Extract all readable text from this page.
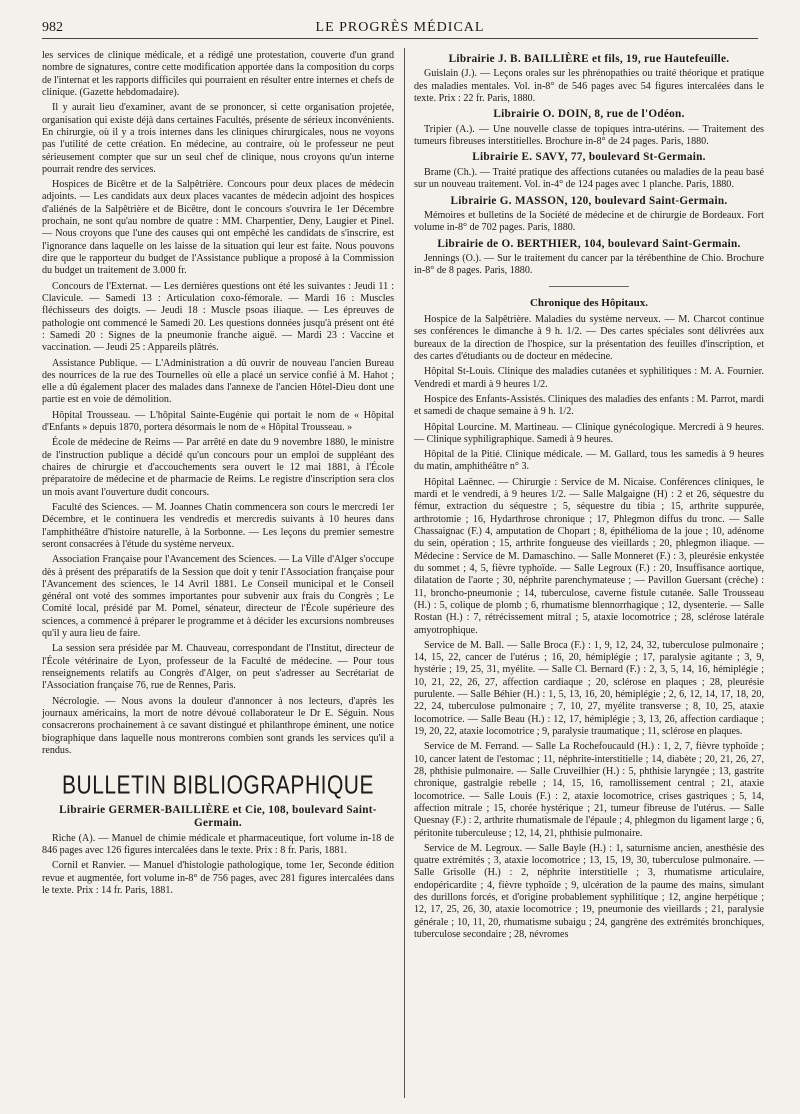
982	LE PROGRÈS MÉDICAL

les services de clinique médicale, et a rédigé une protestation, couverte d'un grand nombre de signatures, contre cette modification apportée dans la composition du corps de l'internat et les rapports difficiles qui pourraient en résulter entre internes et chefs de clinique. (Gazette hebdomadaire).

Il y aurait lieu d'examiner, avant de se prononcer, si cette organisation projetée, organisation qui existe déjà dans certaines Facultés, présente de sérieux inconvénients. En chirurgie, où il y a trois internes dans les cliniques chirurgicales, nous ne voyons pas l'utilité de cette création. En médecine, au contraire, où le professeur ne peut sérieusement compter que sur un seul chef de clinique, nous croyons qu'un interne pourrait rendre des services.

Hospices de Bicêtre et de la Salpêtrière. Concours pour deux places de médecin adjoints. — Les candidats aux deux places vacantes de médecin adjoint des hospices d'aliénés de la Salpêtrière et de Bicêtre, dont le concours s'ouvrira le 1er Décembre prochain, ne sont qu'au nombre de quatre : MM. Charpentier, Deny, Laugier et Pinel. — Nous croyons que l'une des causes qui ont empêché les candidats de s'inscrire, est l'ignorance dans laquelle on les laisse de la situation qui leur est faite. Nous pouvons dire que le rapporteur du budget de l'Assistance publique a proposé à la Commission du budget un traitement de 3.000 fr.

Concours de l'Externat. — Les dernières questions ont été les suivantes : Jeudi 11 : Clavicule. — Samedi 13 : Articulation coxo-fémorale. — Mardi 16 : Muscles fléchisseurs des doigts. — Jeudi 18 : Muscle psoas iliaque. — Les épreuves de pathologie ont commencé le Samedi 20. Les questions données jusqu'à présent ont été : Samedi 20 : Signes de la pneumonie franche aiguë. — Mardi 23 : Vaccine et vaccination. — Jeudi 25 : Appareils plâtrés.

Assistance Publique. — L'Administration a dû ouvrir de nouveau l'ancien Bureau des nourrices de la rue des Tournelles où elle a placé un service confié à M. Hahot ; elle a dû également placer des malades dans l'annexe de l'ancien Hôtel-Dieu dont une partie est en voie de démolition.

Hôpital Trousseau. — L'hôpital Sainte-Eugénie qui portait le nom de « Hôpital d'Enfants » depuis 1870, portera désormais le nom de « Hôpital Trousseau. »

École de médecine de Reims — Par arrêté en date du 9 novembre 1880, le ministre de l'instruction publique a décidé qu'un concours pour un emploi de suppléant des chaires de chirurgie et d'accouchements sera ouvert le 12 mai 1881, à l'École préparatoire de médecine et de pharmacie de Reims. Le registre d'inscription sera clos un mois avant l'ouverture dudit concours.

Faculté des Sciences. — M. Joannes Chatin commencera son cours le mercredi 1er Décembre, et le continuera les vendredis et mercredis suivants à 10 heures dans l'amphithéâtre d'histoire naturelle, à la Sorbonne. — Les leçons du premier semestre seront consacrées à l'étude du système nerveux.

Association Française pour l'Avancement des Sciences. — La Ville d'Alger s'occupe dès à présent des préparatifs de la Session que doit y tenir l'Association française pour l'Avancement des sciences, le 14 Avril 1881. Le Conseil municipal et le Conseil général ont voté des sommes importantes pour subvenir aux frais du Congrès ; Le Comité local, présidé par M. Pomel, sénateur, directeur de l'École supérieure des sciences, a commencé à préparer le programme et à décider les excursions nombreuses qu'il y aura lieu de faire.

La session sera présidée par M. Chauveau, correspondant de l'Institut, directeur de l'École vétérinaire de Lyon, professeur de la Faculté de médecine. — Pour tous renseignements relatifs au Congrès d'Alger, on peut s'adresser au Secrétariat de l'Association française 76, rue de Rennes, Paris.

Nécrologie. — Nous avons la douleur d'annoncer à nos lecteurs, d'après les journaux américains, la mort de notre dévoué collaborateur le Dr E. Séguin. Nous consacrerons prochainement à ce savant distingué et philanthrope éminent, une notice biographique dans laquelle nous montrerons combien sont grands les services qu'il a rendus.

BULLETIN BIBLIOGRAPHIQUE
Librairie GERMER-BAILLIÈRE et Cie, 108, boulevard Saint-Germain.

Riche (A). — Manuel de chimie médicale et pharmaceutique, fort volume in-18 de 846 pages avec 126 figures intercalées dans le texte. Prix : 8 fr. Paris, 1881.

Cornil et Ranvier. — Manuel d'histologie pathologique, tome 1er, Seconde édition revue et augmentée, fort volume in-8° de 756 pages, avec 281 figures intercalées dans le texte. Prix : 14 fr. Paris, 1881.

Librairie J. B. BAILLIÈRE et fils, 19, rue Hautefeuille.

Guislain (J.). — Leçons orales sur les phrénopathies ou traité théorique et pratique des maladies mentales. Vol. in-8° de 546 pages avec 54 figures intercalées dans le texte. Prix : 22 fr. Paris, 1880.

Librairie O. DOIN, 8, rue de l'Odéon.

Tripier (A.). — Une nouvelle classe de topiques intra-utérins. — Traitement des tumeurs fibreuses interstitielles. Brochure in-8° de 24 pages. Paris, 1880.

Librairie E. SAVY, 77, boulevard St-Germain.

Brame (Ch.). — Traité pratique des affections cutanées ou maladies de la peau basé sur un nouveau traitement. Vol. in-4° de 124 pages avec 1 planche. Paris, 1880.

Librairie G. MASSON, 120, boulevard Saint-Germain.

Mémoires et bulletins de la Société de médecine et de chirurgie de Bordeaux. Fort volume in-8° de 702 pages. Paris, 1880.

Librairie de O. BERTHIER, 104, boulevard Saint-Germain.

Jennings (O.). — Sur le traitement du cancer par la térébenthine de Chio. Brochure in-8° de 8 pages. Paris, 1880.

Chronique des Hôpitaux.

Hospice de la Salpêtrière. Maladies du système nerveux. — M. Charcot continue ses conférences le dimanche à 9 h. 1/2. — Des cartes spéciales sont délivrées aux bureaux de la direction de l'hospice, sur la présentation des feuilles d'inscription, et des cartes d'étudiants ou de docteur en médecine.

Hôpital St-Louis. Clinique des maladies cutanées et syphilitiques : M. A. Fournier. Vendredi et mardi à 9 heures 1/2.

Hospice des Enfants-Assistés. Cliniques des maladies des enfants : M. Parrot, mardi et samedi de chaque semaine à 9 h. 1/2.

Hôpital Lourcine. M. Martineau. — Clinique gynécologique. Mercredi à 9 heures. — Clinique syphiligraphique. Samedi à 9 heures.

Hôpital de la Pitié. Clinique médicale. — M. Gallard, tous les samedis à 9 heures du matin, amphithéâtre n° 3.

Hôpital Laënnec. — Chirurgie : Service de M. Nicaise. Conférences cliniques, le mardi et le vendredi, à 9 heures 1/2. — Salle Malgaigne (H) : 2 et 26, séquestre du fémur, extraction du séquestre ; 5, séquestre du tibia ; 15, arthrite suppurée, arthrotomie ; 16, Hydarthrose chronique ; 17, Phlegmon diffus du tronc. — Salle Chassaignac (F.) 4, amputation de Chopart ; 8, épithélioma de la joue ; 10, adénome du sein, opération ; 15, arthrite fongueuse des vieillards ; 20, phlegmon iliaque. — Médecine : Service de M. Damaschino. — Salle Monneret (F.) : 3, pleurésie enkystée du sommet ; 4, 5, fièvre typhoïde. — Salle Legroux (F.) : 20, Insuffisance aortique, dilatation de l'aorte ; 30, néphrite parenchymateuse ; — Pavillon Guersant (crèche) : 11, broncho-pneumonie ; 14, tuberculose, caverne fistule cutanée. Salle Trousseau (H.) : 5, colique de plomb ; 6, rhumatisme blennorrhagique ; 12, dysenterie. — Salle Rostan (H.) : 7, rétrécissement mitral ; 5, ataxie locomotrice ; 28, sclérose latérale amyotrophique.

Service de M. Ball. — Salle Broca (F.) : 1, 9, 12, 24, 32, tuberculose pulmonaire ; 14, 15, 22, cancer de l'utérus ; 16, 20, hémiplégie ; 17, paralysie agitante ; 3, 9, hystérie ; 19, 25, 31, myélite. — Salle Cl. Bernard (F.) : 2, 3, 5, 14, 16, hémiplégie ; 10, 21, 22, 26, 27, affection cardiaque ; 20, sclérose en plaques ; 28, pleurésie purulente. — Salle Béhier (H.) : 1, 5, 13, 16, 20, hémiplégie ; 2, 6, 12, 14, 17, 18, 20, 22, 24, tuberculose pulmonaire ; 7, 10, 27, myélite transverse ; 8, 10, 25, ataxie locomotrice. — Salle Beau (H.) : 12, 17, hémiplégie ; 3, 13, 26, affection cardiaque ; 19, 20, 22, ataxie locomotrice ; 9, paralysie traumatique ; 11, sclérose en plaques.

Service de M. Ferrand. — Salle La Rochefoucauld (H.) : 1, 2, 7, fièvre typhoïde ; 10, cancer latent de l'estomac ; 11, néphrite-interstitielle ; 14, diabète ; 20, 21, 26, 27, 28, phthisie pulmonaire. — Salle Cruveilhier (H.) : 5, phthisie laryngée ; 13, gastrite chronique, gastralgie rebelle ; 14, 15, 16, ramollissement central ; 21, ataxie locomotrice. — Salle Louis (F.) : 2, ataxie locomotrice, crises gastriques ; 5, 14, affection mitrale ; 15, chorée hystérique ; 21, tumeur fibreuse de l'utérus. — Salle Quesnay (F.) : 2, arthrite rhumatismale de l'épaule ; 4, phlegmon du ligament large ; 6, péritonite tuberculeuse ; 12, 14, 21, phthisie pulmonaire.

Service de M. Legroux. — Salle Bayle (H.) : 1, saturnisme ancien, anesthésie des quatre extrémités ; 3, ataxie locomotrice ; 13, 15, 19, 30, tuberculose pulmonaire. — Salle Grisolle (H.) : 2, néphrite interstitielle ; 3, rhumatisme articulaire, endopéricardite ; 4, fièvre typhoïde ; 9, ulcération de la paume des mains, simulant des durillons forcés, et d'origine probablement syphilitique ; 12, angine herpétique ; 12, 17, 25, 26, 30, ataxie locomotrice ; 19, pneumonie des vieillards ; 21, paralysie générale ; 10, 11, 20, rhumatisme subaigu ; 24, gangrène des extrémités bronchiques, tuberculose secondaire ; 28, névromes
